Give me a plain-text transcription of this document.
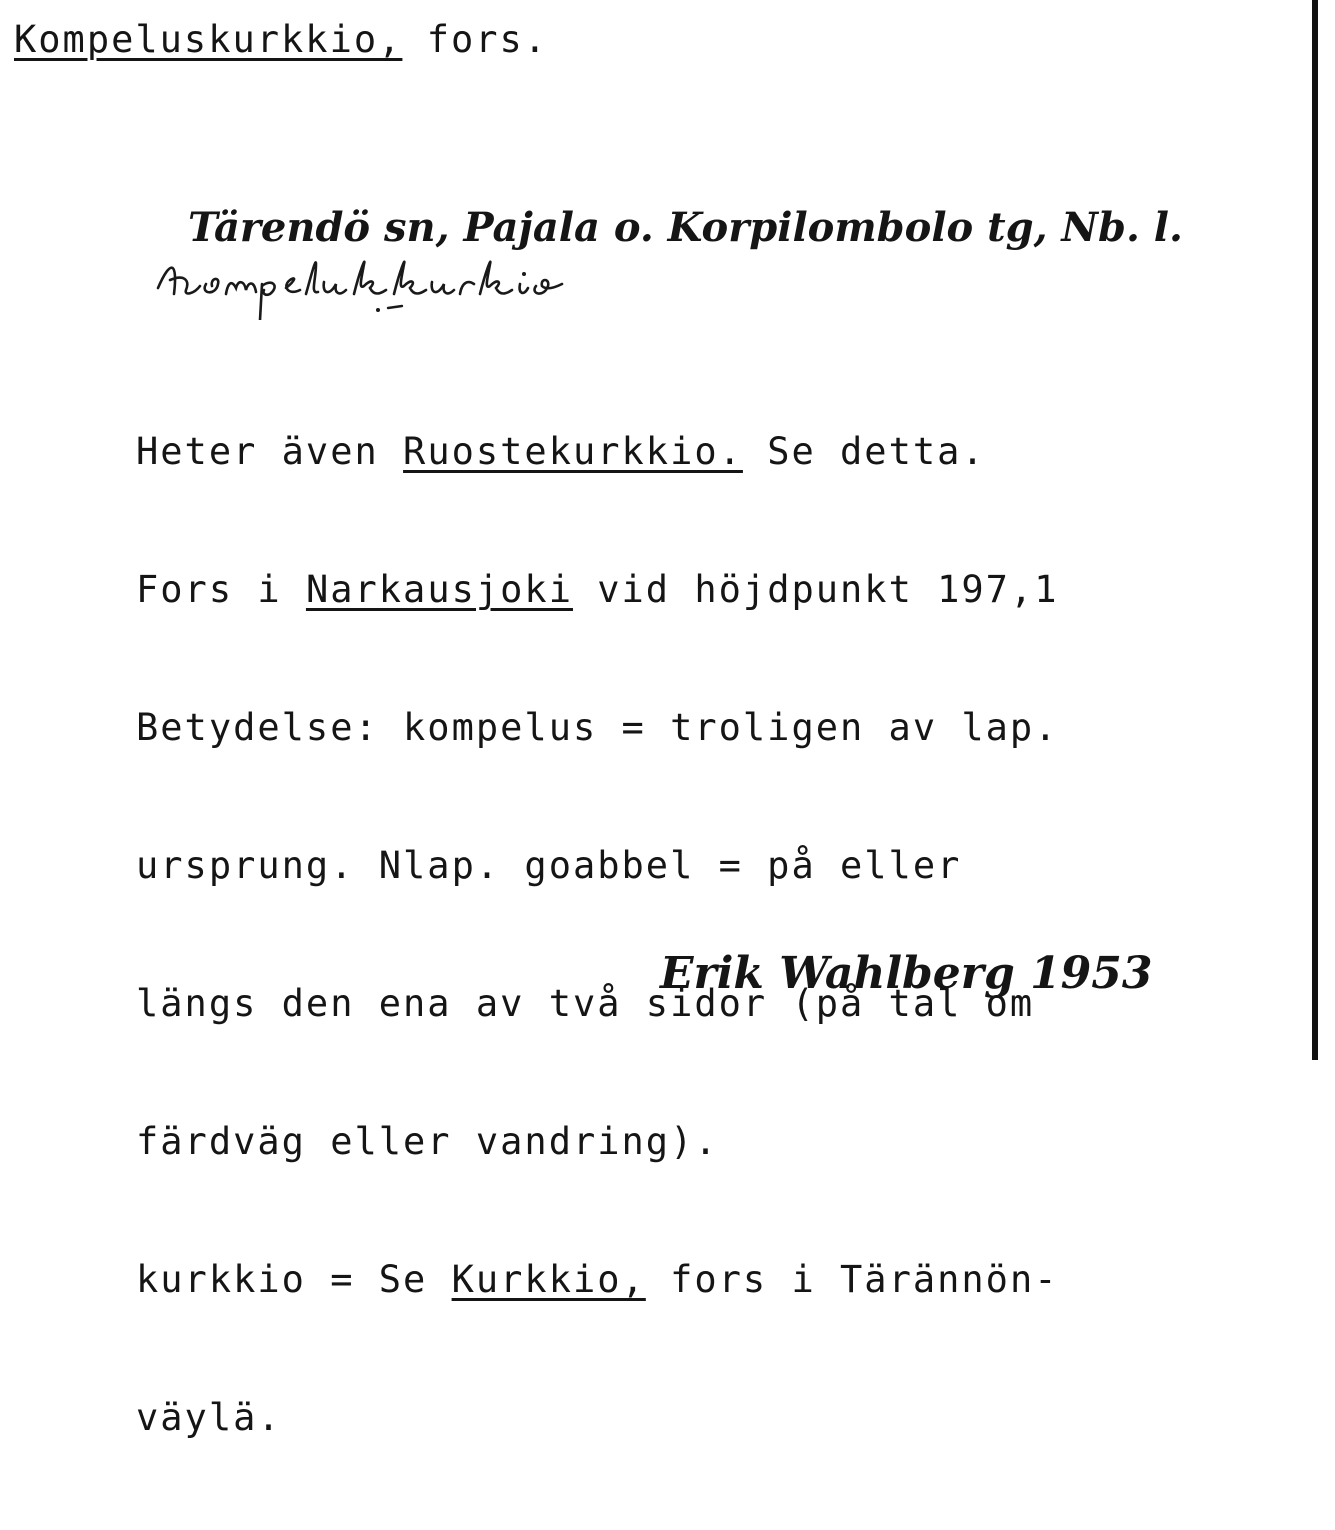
Kompeluskurkkio, fors.
Tärendö sn, Pajala o. Korpilombolo tg, Nb. l.

Heter även Ruostekurkkio. Se detta.

Fors i Narkausjoki vid höjdpunkt 197,1

Betydelse: kompelus = troligen av lap.

ursprung. Nlap. goabbel = på eller

längs den ena av två sidor (på tal om

färdväg eller vandring).

kurkkio = Se Kurkkio, fors i Tärännön-

väylä.

Erik Wahlberg 1953
